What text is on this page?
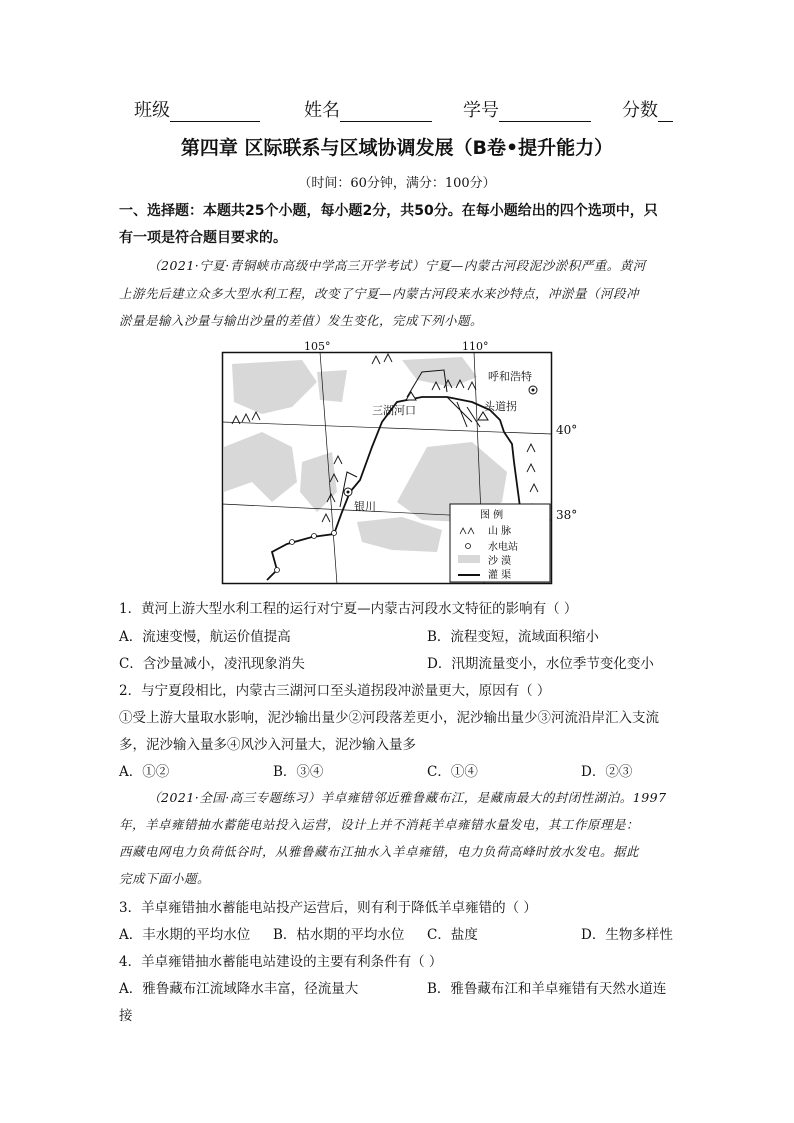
班级	姓名	学号	分数
第四章 区际联系与区域协调发展（B卷•提升能力）
（时间：60分钟，满分：100分）
一、选择题：本题共25个小题，每小题2分，共50分。在每小题给出的四个选项中，只
有一项是符合题目要求的。
（2021·宁夏·青铜峡市高级中学高三开学考试）宁夏—内蒙古河段泥沙淤积严重。黄河
上游先后建立众多大型水利工程，改变了宁夏—内蒙古河段来水来沙特点，冲淤量（河段冲
淤量是输入沙量与输出沙量的差值）发生变化，完成下列小题。
105°	110°
呼和浩特
头道拐
三湖河口
银川
图 例
山 脉
水电站
沙 漠
灌 渠
40°
38°
1．黄河上游大型水利工程的运行对宁夏—内蒙古河段水文特征的影响有（ ）
A．流速变慢，航运价值提高	B．流程变短，流域面积缩小
C．含沙量减小，凌汛现象消失	D．汛期流量变小，水位季节变化变小
2．与宁夏段相比，内蒙古三湖河口至头道拐段冲淤量更大，原因有（ ）
①受上游大量取水影响，泥沙输出量少②河段落差更小，泥沙输出量少③河流沿岸汇入支流
多，泥沙输入量多④风沙入河量大，泥沙输入量多
A．①②	B．③④	C．①④	D．②③
（2021·全国·高三专题练习）羊卓雍错邻近雅鲁藏布江，是藏南最大的封闭性湖泊。1997
年，羊卓雍错抽水蓄能电站投入运营，设计上并不消耗羊卓雍错水量发电，其工作原理是：
西藏电网电力负荷低谷时，从雅鲁藏布江抽水入羊卓雍错，电力负荷高峰时放水发电。据此
完成下面小题。
3．羊卓雍错抽水蓄能电站投产运营后，则有利于降低羊卓雍错的（ ）
A．丰水期的平均水位 B．枯水期的平均水位 C．盐度	D．生物多样性
4．羊卓雍错抽水蓄能电站建设的主要有利条件有（ ）
A．雅鲁藏布江流域降水丰富，径流量大	B．雅鲁藏布江和羊卓雍错有天然水道连
接
